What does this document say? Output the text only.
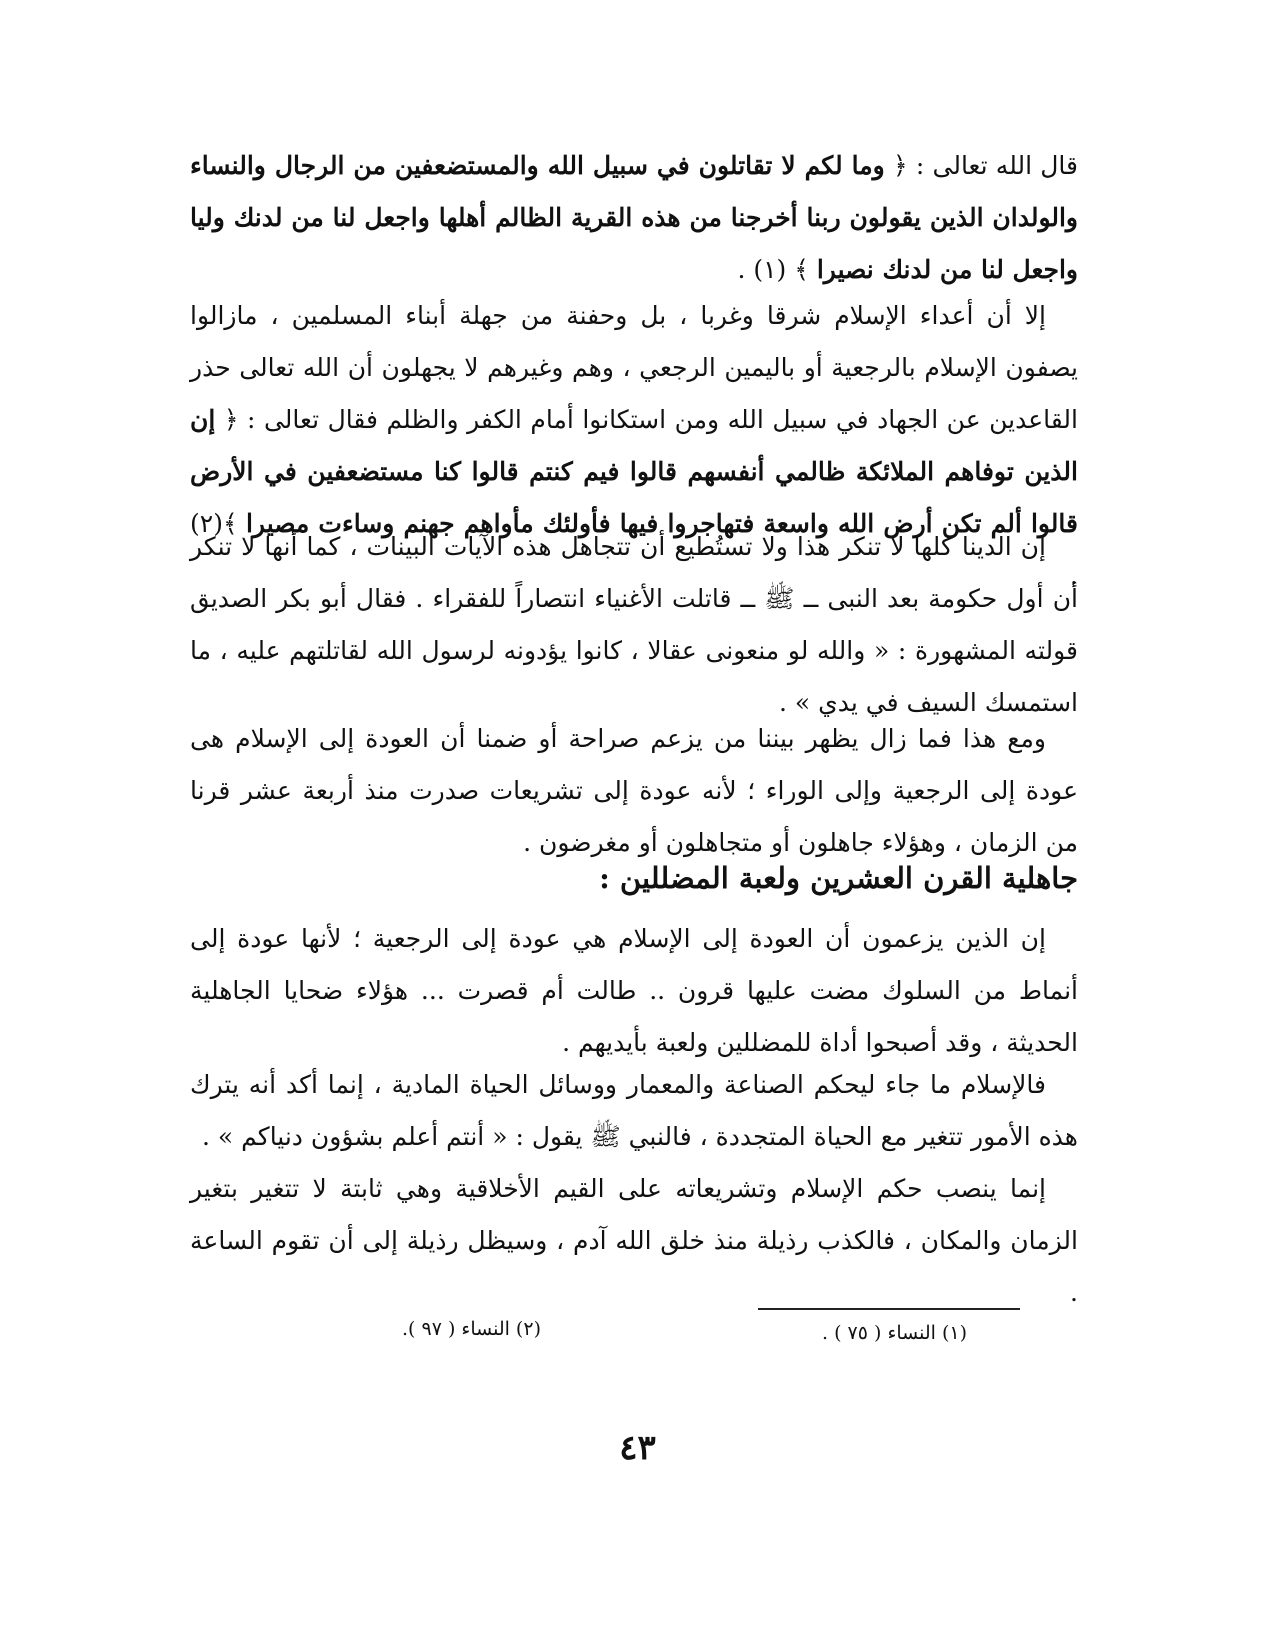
قال الله تعالى : ﴿ وما لكم لا تقاتلون في سبيل الله والمستضعفين من الرجال والنساء والولدان الذين يقولون ربنا أخرجنا من هذه القرية الظالم أهلها واجعل لنا من لدنك وليا واجعل لنا من لدنك نصيرا ﴾ (١) .

إلا أن أعداء الإسلام شرقا وغربا ، بل وحفنة من جهلة أبناء المسلمين ، مازالوا يصفون الإسلام بالرجعية أو باليمين الرجعي ، وهم وغيرهم لا يجهلون أن الله تعالى حذر القاعدين عن الجهاد في سبيل الله ومن استكانوا أمام الكفر والظلم فقال تعالى : ﴿ إن الذين توفاهم الملائكة ظالمي أنفسهم قالوا فيم كنتم قالوا كنا مستضعفين في الأرض قالوا ألم تكن أرض الله واسعة فتهاجروا فيها فأولئك مأواهم جهنم وساءت مصيرا ﴾(٢) .

إن الدينا كلها لا تنكر هذا ولا تستُطيع أن تتجاهل هذه الآيات البينات ، كما أنها لا تنكر أن أول حكومة بعد النبى ــ ﷺ ــ قاتلت الأغنياء انتصاراً للفقراء . فقال أبو بكر الصديق قولته المشهورة : « والله لو منعونى عقالا ، كانوا يؤدونه لرسول الله لقاتلتهم عليه ، ما استمسك السيف في يدي » .

ومع هذا فما زال يظهر بيننا من يزعم صراحة أو ضمنا أن العودة إلى الإسلام هى عودة إلى الرجعية وإلى الوراء ؛ لأنه عودة إلى تشريعات صدرت منذ أربعة عشر قرنا من الزمان ، وهؤلاء جاهلون أو متجاهلون أو مغرضون .

جاهلية القرن العشرين ولعبة المضللين :

إن الذين يزعمون أن العودة إلى الإسلام هي عودة إلى الرجعية ؛ لأنها عودة إلى أنماط من السلوك مضت عليها قرون .. طالت أم قصرت ... هؤلاء ضحايا الجاهلية الحديثة ، وقد أصبحوا أداة للمضللين ولعبة بأيديهم .

فالإسلام ما جاء ليحكم الصناعة والمعمار ووسائل الحياة المادية ، إنما أكد أنه يترك هذه الأمور تتغير مع الحياة المتجددة ، فالنبي ﷺ يقول : « أنتم أعلم بشؤون دنياكم » .

إنما ينصب حكم الإسلام وتشريعاته على القيم الأخلاقية وهي ثابتة لا تتغير بتغير الزمان والمكان ، فالكذب رذيلة منذ خلق الله آدم ، وسيظل رذيلة إلى أن تقوم الساعة .

(١) النساء ( ٧٥ ) .
(٢) النساء ( ٩٧ ).
٤٣
